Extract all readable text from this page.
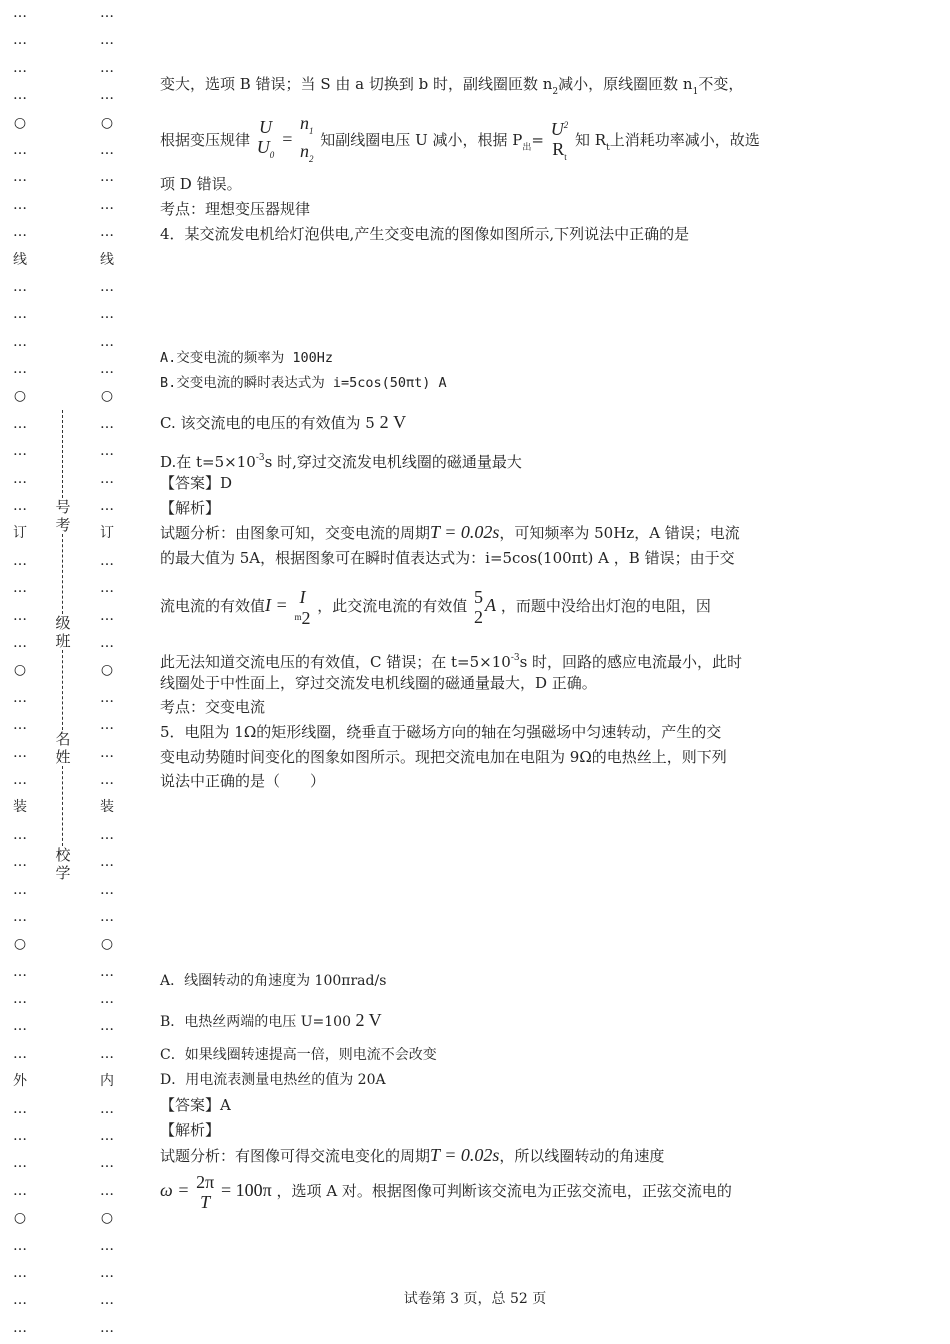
…
…
…
…
○
…
…
…
…
线
…
…
…
…
○
…
…
…
…
订
…
…
…
…
○
…
…
…
…
装
…
…
…
…
○
…
…
…
…
外
…
…
…
…
○
…
…
…
…
…
…
…
…
○
…
…
…
…
线
…
…
…
…
○
…
…
…
…
订
…
…
…
…
○
…
…
…
…
装
…
…
…
…
○
…
…
…
…
内
…
…
…
…
○
…
…
…
…
号
考
级
班
名
姓
校
学
变大，选项 B 错误；当 S 由 a 切换到 b 时，副线圈匝数 $n_2$减小，原线圈匝数 $n_1$不变，
根据变压规律
U
$U_0$
=
$n_1$
$n_2$
知副线圈电压 U 减小，根据 $P_出=$
$U^2$
$R_t$
知 $R_t$上消耗功率减小，故选
项 D 错误。
考点：理想变压器规律
4．某交流发电机给灯泡供电,产生交变电流的图像如图所示,下列说法中正确的是
A.交变电流的频率为 100Hz
B.交变电流的瞬时表达式为 i=5cos(50πt) A
C. 该交流电的电压的有效值为 5 2 V
D.在 $t=5\times 10^{-3}s$ 时,穿过交流发电机线圈的磁通量最大
【答案】D
【解析】
试题分析：由图象可知，交变电流的周期T = 0.02s，可知频率为 50Hz，A 错误；电流
的最大值为 5A，根据图象可在瞬时值表达式为：i=5cos(100πt) A ，B 错误；由于交
流电流的有效值I = I
$^m$2
，此交流电流的有效值 5
2
A ，而题中没给出灯泡的电阻，因
此无法知道交流电压的有效值，C 错误；在 $t=5\times 10^{-3}s$ 时，回路的感应电流最小，此时
线圈处于中性面上，穿过交流发电机线圈的磁通量最大，D 正确。
考点：交变电流
5．电阻为 1Ω的矩形线圈，绕垂直于磁场方向的轴在匀强磁场中匀速转动，产生的交
变电动势随时间变化的图象如图所示。现把交流电加在电阻为 9Ω的电热丝上，则下列
说法中正确的是（　　）
A．线圈转动的角速度为 100πrad/s
B．电热丝两端的电压 U=100 2 V
C．如果线圈转速提高一倍，则电流不会改变
D．用电流表测量电热丝的值为 20A
【答案】A
【解析】
试题分析：有图像可得交流电变化的周期T = 0.02s，所以线圈转动的角速度
ω = 2π
T
= 100π ，选项 A 对。根据图像可判断该交流电为正弦交流电，正弦交流电的
试卷第 3 页，总 52 页
